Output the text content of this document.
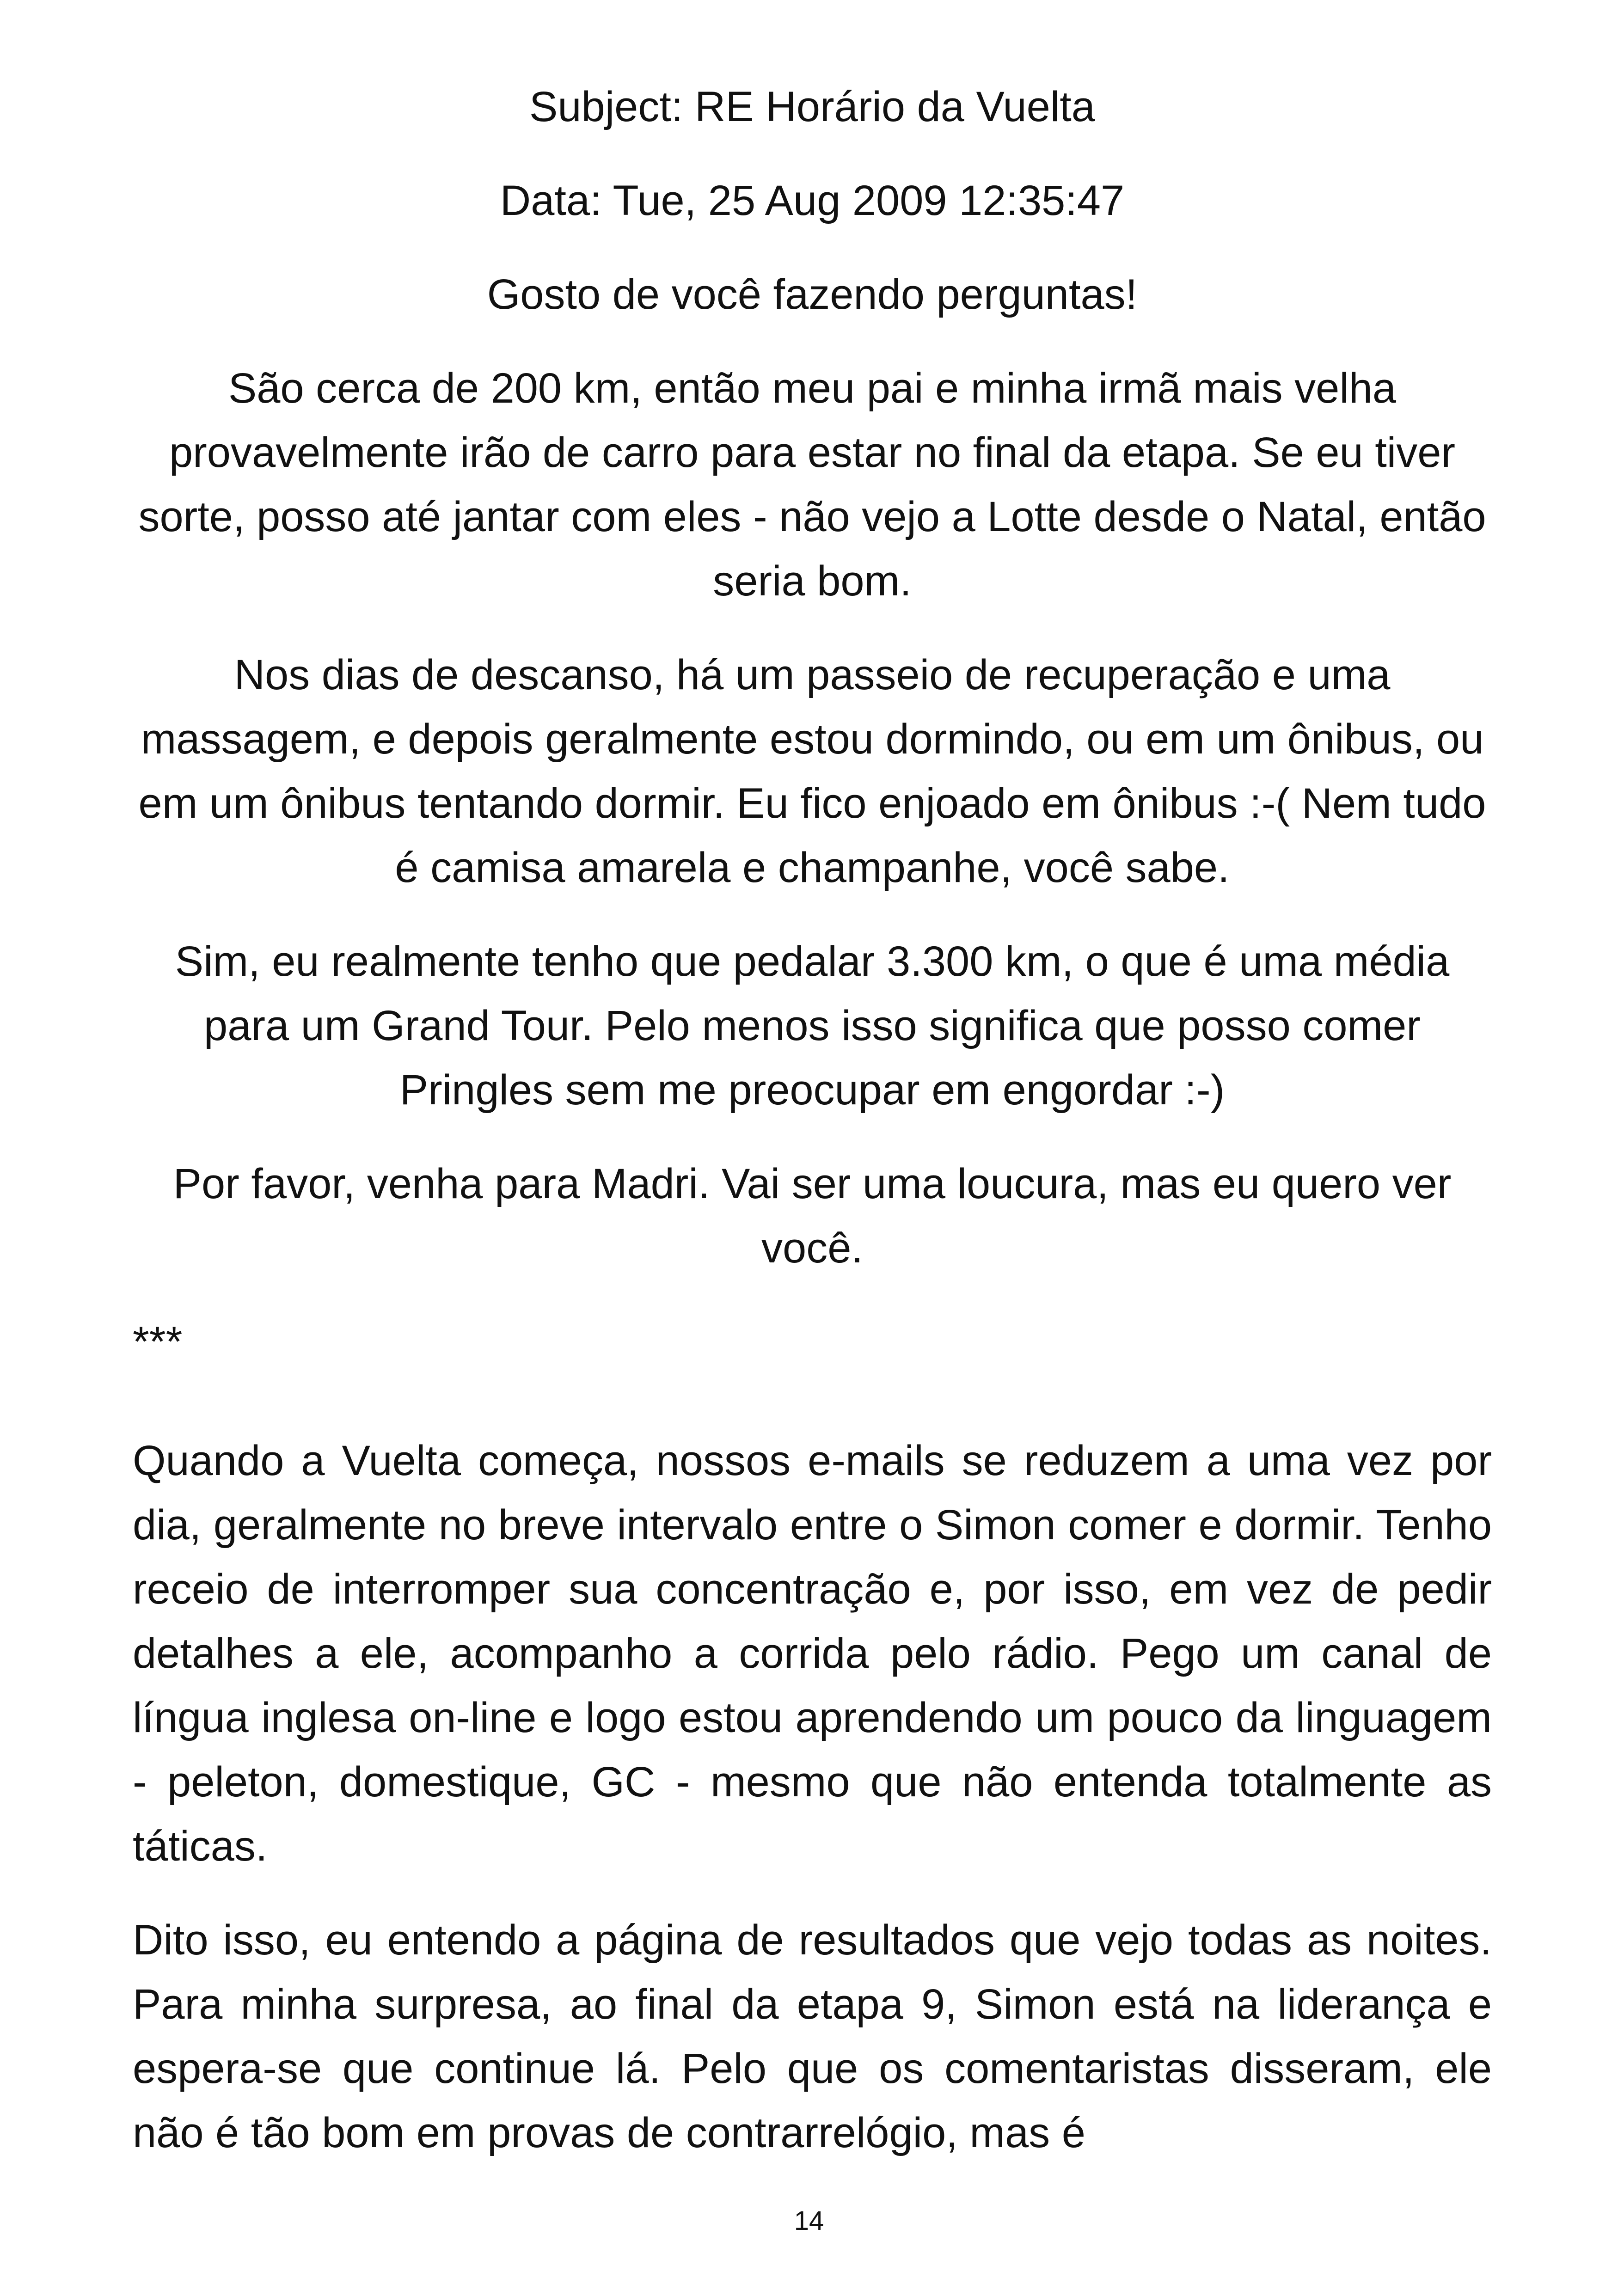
Subject: RE Horário da Vuelta

Data: Tue, 25 Aug 2009 12:35:47

Gosto de você fazendo perguntas!

São cerca de 200 km, então meu pai e minha irmã mais velha provavelmente irão de carro para estar no final da etapa. Se eu tiver sorte, posso até jantar com eles - não vejo a Lotte desde o Natal, então seria bom.

Nos dias de descanso, há um passeio de recuperação e uma massagem, e depois geralmente estou dormindo, ou em um ônibus, ou em um ônibus tentando dormir. Eu fico enjoado em ônibus :-( Nem tudo é camisa amarela e champanhe, você sabe.

Sim, eu realmente tenho que pedalar 3.300 km, o que é uma média para um Grand Tour. Pelo menos isso significa que posso comer Pringles sem me preocupar em engordar :-)

Por favor, venha para Madri. Vai ser uma loucura, mas eu quero ver você.

***

Quando a Vuelta começa, nossos e-mails se reduzem a uma vez por dia, geralmente no breve intervalo entre o Simon comer e dormir. Tenho receio de interromper sua concentração e, por isso, em vez de pedir detalhes a ele, acompanho a corrida pelo rádio. Pego um canal de língua inglesa on-line e logo estou aprendendo um pouco da linguagem - peleton, domestique, GC - mesmo que não entenda totalmente as táticas.

Dito isso, eu entendo a página de resultados que vejo todas as noites. Para minha surpresa, ao final da etapa 9, Simon está na liderança e espera-se que continue lá. Pelo que os comentaristas disseram, ele não é tão bom em provas de contrarrelógio, mas é

14
